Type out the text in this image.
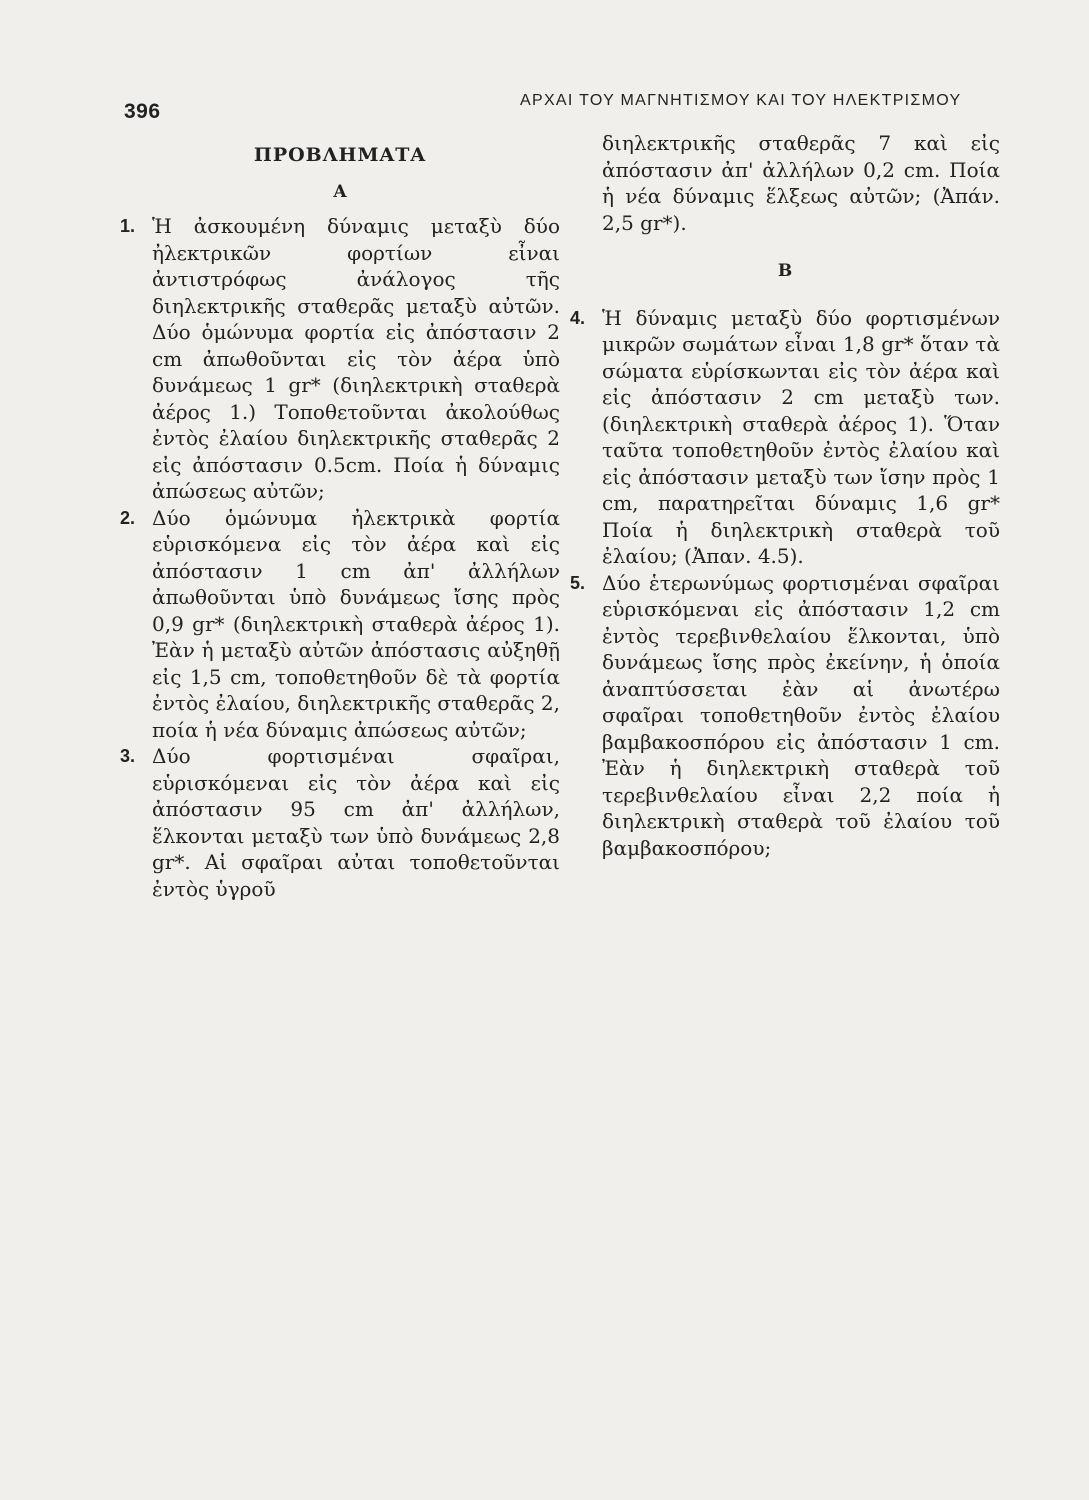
396	ΑΡΧΑΙ ΤΟΥ ΜΑΓΝΗΤΙΣΜΟΥ ΚΑΙ ΤΟΥ ΗΛΕΚΤΡΙΣΜΟΥ
ΠΡΟΒΛΗΜΑΤΑ
Α
1. Ἡ ἀσκουμένη δύναμις μεταξὺ δύο ἠλεκτρικῶν φορτίων εἶναι ἀντιστρόφως ἀνάλογος τῆς διηλεκτρικῆς σταθερᾶς μεταξὺ αὐτῶν. Δύο ὁμώνυμα φορτία εἰς ἀπόστασιν 2 cm ἀπωθοῦνται εἰς τὸν ἀέρα ὑπὸ δυνάμεως 1 gr* (διηλεκτρικὴ σταθερὰ ἀέρος 1.) Τοποθετοῦνται ἀκολούθως ἐντὸς ἐλαίου διηλεκτρικῆς σταθερᾶς 2 εἰς ἀπόστασιν 0.5cm. Ποία ἡ δύναμις ἀπώσεως αὐτῶν;
2. Δύο ὁμώνυμα ἠλεκτρικὰ φορτία εὑρισκόμενα εἰς τὸν ἀέρα καὶ εἰς ἀπόστασιν 1 cm ἀπ' ἀλλήλων ἀπωθοῦνται ὑπὸ δυνάμεως ἴσης πρὸς 0,9 gr* (διηλεκτρικὴ σταθερὰ ἀέρος 1). Ἐὰν ἡ μεταξὺ αὐτῶν ἀπόστασις αὐξηθῇ εἰς 1,5 cm, τοποθετηθοῦν δὲ τὰ φορτία ἐντὸς ἐλαίου, διηλεκτρικῆς σταθερᾶς 2, ποία ἡ νέα δύναμις ἀπώσεως αὐτῶν;
3. Δύο φορτισμέναι σφαῖραι, εὑρισκόμεναι εἰς τὸν ἀέρα καὶ εἰς ἀπόστασιν 95 cm ἀπ' ἀλλήλων, ἕλκονται μεταξὺ των ὑπὸ δυνάμεως 2,8 gr*. Αἱ σφαῖραι αὐται τοποθετοῦνται ἐντὸς ὑγροῦ
διηλεκτρικῆς σταθερᾶς 7 καὶ εἰς ἀπόστασιν ἀπ' ἀλλήλων 0,2 cm. Ποία ἡ νέα δύναμις ἕλξεως αὐτῶν; (Ἀπάν. 2,5 gr*).
Β
4. Ἡ δύναμις μεταξὺ δύο φορτισμένων μικρῶν σωμάτων εἶναι 1,8 gr* ὅταν τὰ σώματα εὑρίσκωνται εἰς τὸν ἀέρα καὶ εἰς ἀπόστασιν 2 cm μεταξὺ των. (διηλεκτρικὴ σταθερὰ ἀέρος 1). Ὅταν ταῦτα τοποθετηθοῦν ἐντὸς ἐλαίου καὶ εἰς ἀπόστασιν μεταξὺ των ἴσην πρὸς 1 cm, παρατηρεῖται δύναμις 1,6 gr* Ποία ἡ διηλεκτρικὴ σταθερὰ τοῦ ἐλαίου; (Ἀπαν. 4.5).
5. Δύο ἑτερωνύμως φορτισμέναι σφαῖραι εὑρισκόμεναι εἰς ἀπόστασιν 1,2 cm ἐντὸς τερεβινθελαίου ἕλκονται, ὑπὸ δυνάμεως ἴσης πρὸς ἐκείνην, ἡ ὁποία ἀναπτύσσεται ἐὰν αἱ ἀνωτέρω σφαῖραι τοποθετηθοῦν ἐντὸς ἐλαίου βαμβακοσπόρου εἰς ἀπόστασιν 1 cm. Ἐὰν ἡ διηλεκτρικὴ σταθερὰ τοῦ τερεβινθελαίου εἶναι 2,2 ποία ἡ διηλεκτρικὴ σταθερὰ τοῦ ἐλαίου τοῦ βαμβακοσπόρου;
